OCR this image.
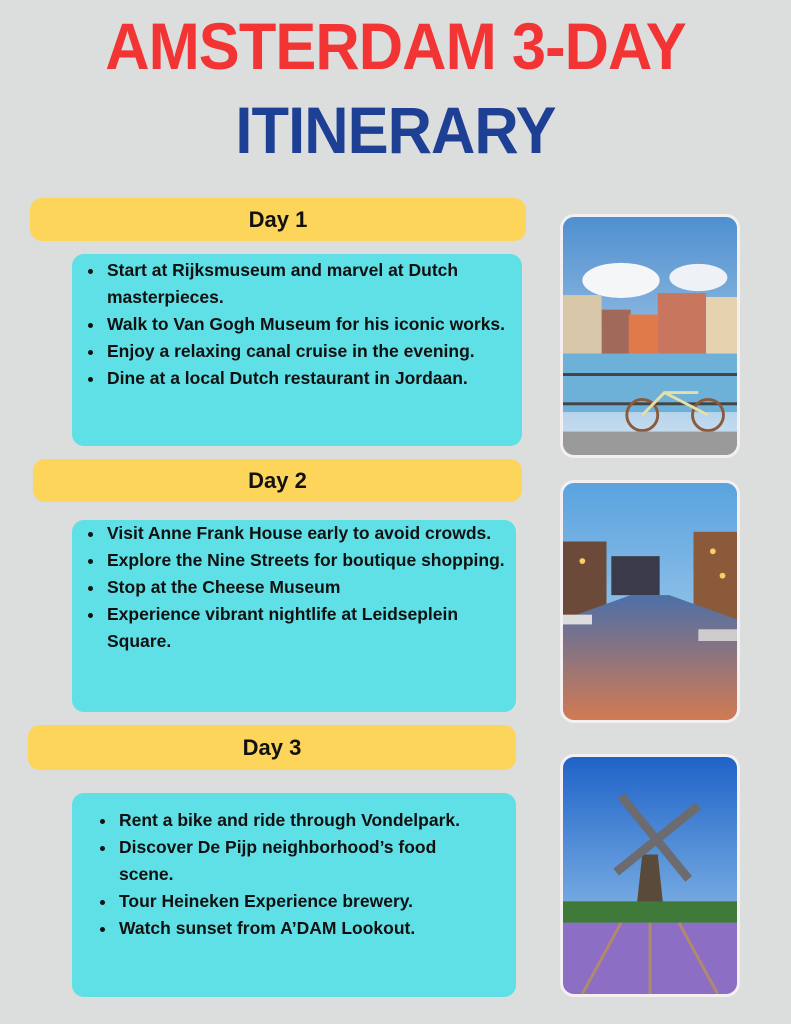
AMSTERDAM 3-DAY
ITINERARY
Day 1
• Start at Rijksmuseum and marvel at Dutch masterpieces.
• Walk to Van Gogh Museum for his iconic works.
• Enjoy a relaxing canal cruise in the evening.
• Dine at a local Dutch restaurant in Jordaan.
Day 2
• Visit Anne Frank House early to avoid crowds.
• Explore the Nine Streets for boutique shopping.
• Stop at the Cheese Museum
• Experience vibrant nightlife at Leidseplein Square.
Day 3
• Rent a bike and ride through Vondelpark.
• Discover De Pijp neighborhood’s food scene.
• Tour Heineken Experience brewery.
• Watch sunset from A’DAM Lookout.
